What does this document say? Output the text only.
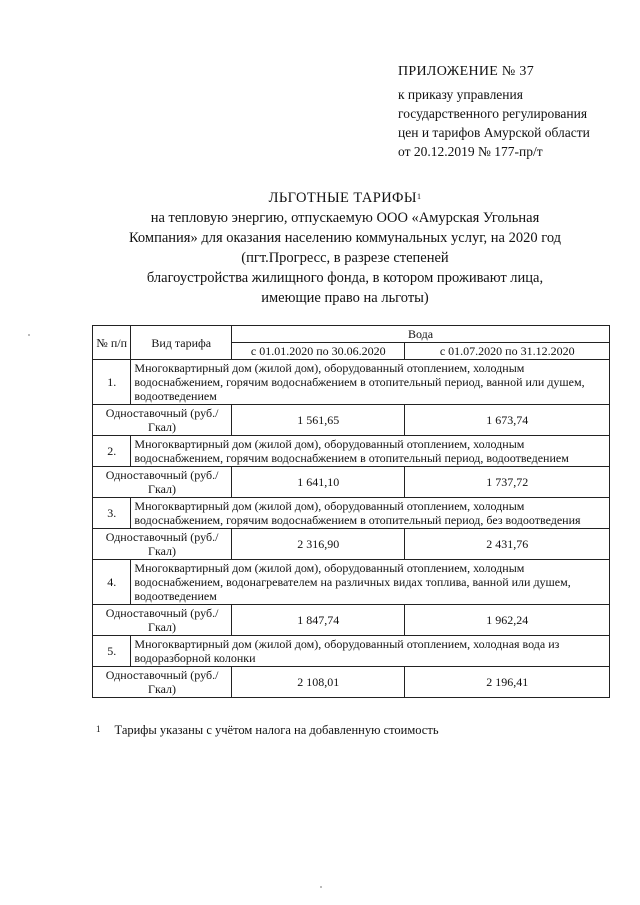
ПРИЛОЖЕНИЕ № 37
к приказу управления
государственного регулирования
цен и тарифов Амурской области
от 20.12.2019 № 177-пр/т
ЛЬГОТНЫЕ ТАРИФЫ$^1$
на тепловую энергию, отпускаемую ООО «Амурская Угольная
Компания» для оказания населению коммунальных услуг, на 2020 год
(пгт.Прогресс, в разрезе степеней
благоустройства жилищного фонда, в котором проживают лица,
имеющие право на льготы)
№ п/п	Вид тарифа	Вода	
		с 01.01.2020 по 30.06.2020	с 01.07.2020 по 31.12.2020
1.	Многоквартирный дом (жилой дом), оборудованный отоплением, холодным водоснабжением, горячим водоснабжением в отопительный период, ванной или душем, водоотведением		
Одноставочный (руб./Гкал)		1 561,65	1 673,74
2.	Многоквартирный дом (жилой дом), оборудованный отоплением, холодным водоснабжением, горячим водоснабжением в отопительный период, водоотведением		
Одноставочный (руб./Гкал)		1 641,10	1 737,72
3.	Многоквартирный дом (жилой дом), оборудованный отоплением, холодным водоснабжением, горячим водоснабжением в отопительный период, без водоотведения		
Одноставочный (руб./Гкал)		2 316,90	2 431,76
4.	Многоквартирный дом (жилой дом), оборудованный отоплением, холодным водоснабжением, водонагревателем на различных видах топлива, ванной или душем, водоотведением		
Одноставочный (руб./Гкал)		1 847,74	1 962,24
5.	Многоквартирный дом (жилой дом), оборудованный отоплением, холодная вода из водоразборной колонки		
Одноставочный (руб./Гкал)		2 108,01	2 196,41
1 Тарифы указаны с учётом налога на добавленную стоимость
